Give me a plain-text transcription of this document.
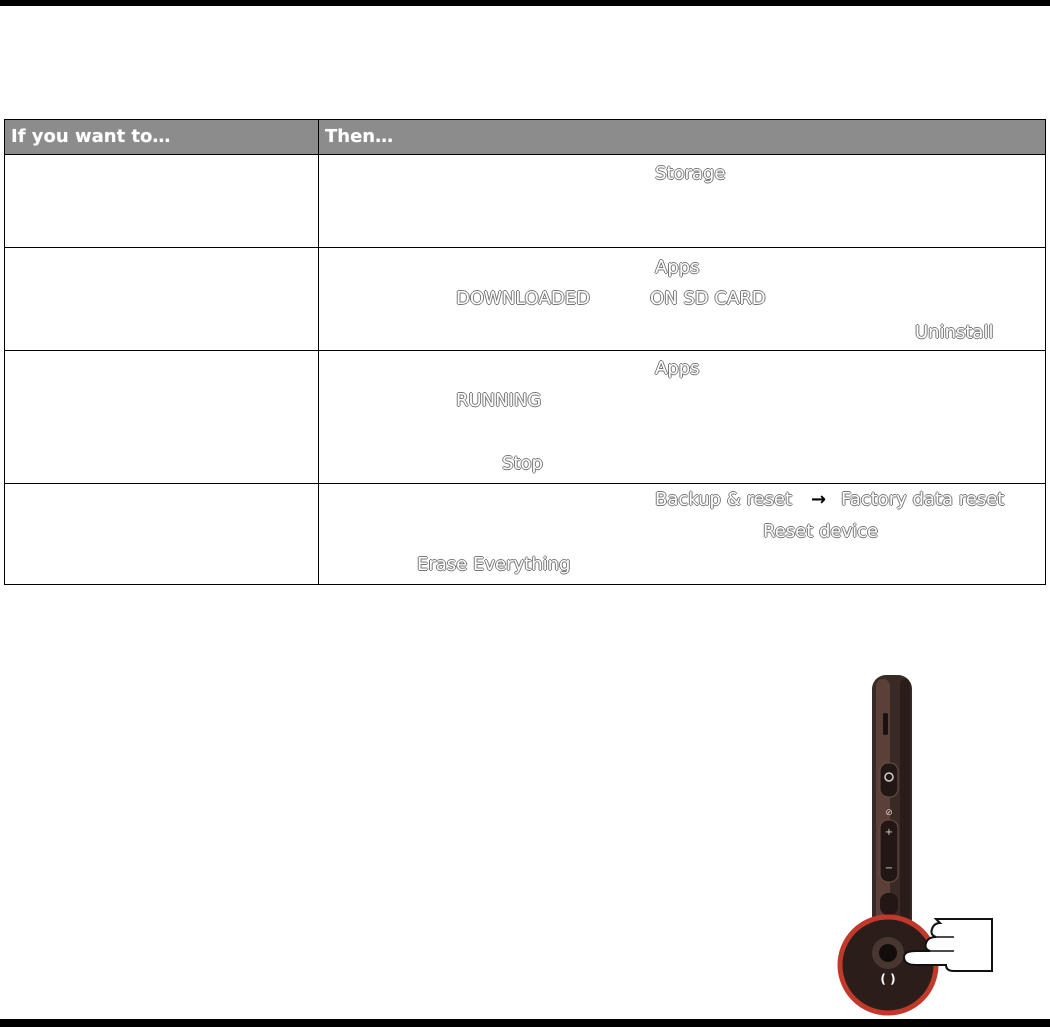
If you want to…	Then…

	Storage

	Apps
DOWNLOADED ON SD CARD
Uninstall

	Apps
RUNNING
Stop

	Backup & reset → Factory data reset
Reset device
Erase Everything
⊘
+
−
( )
